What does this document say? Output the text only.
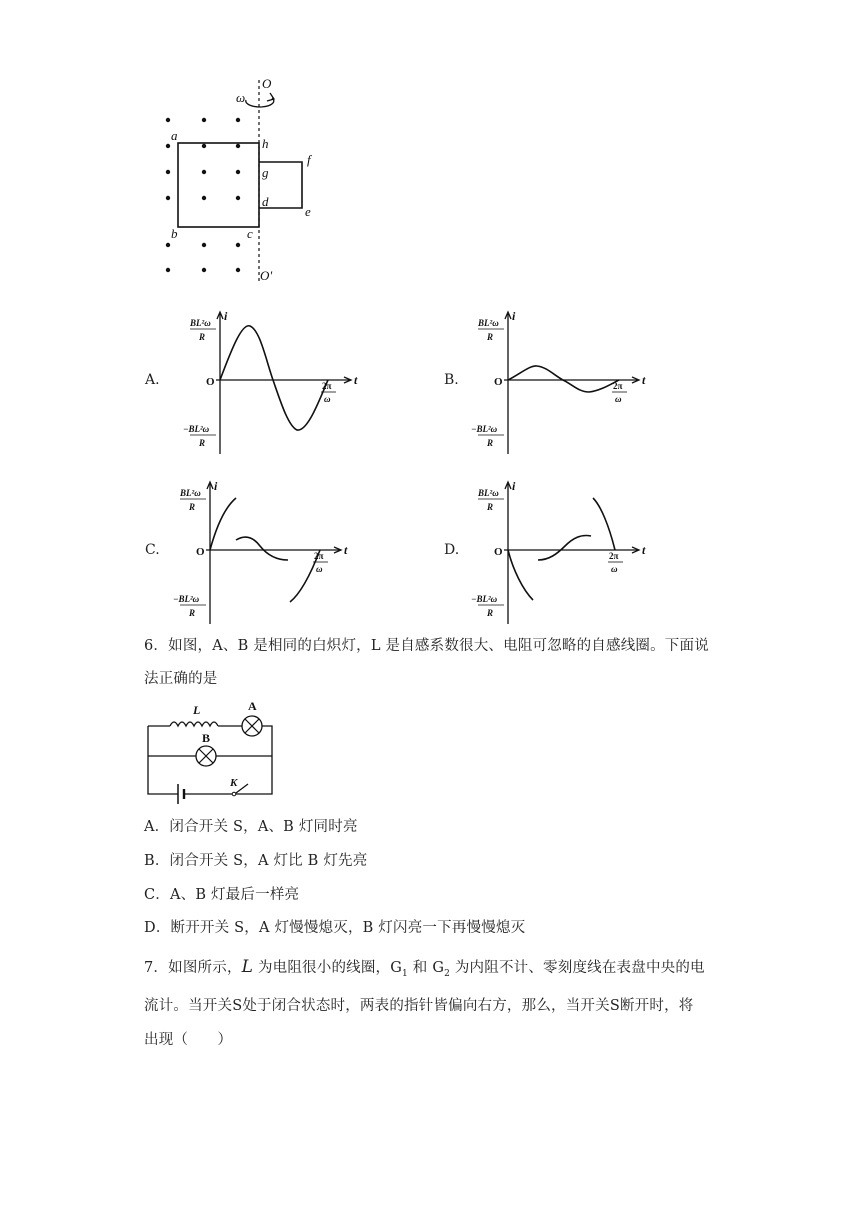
ω
O
O'
a
b	c
h
g
d
e
f
A.	B.
C.	D.
i
t
O
BL²ω
R
−BL²ω
R
2π
ω
i
t
O
BL²ω
R
−BL²ω
R
2π
ω
i
t
O
BL²ω
R
−BL²ω
R
2π
ω
i
t
O
BL²ω
R
−BL²ω
R
2π
ω
6．如图，A、B 是相同的白炽灯，L 是自感系数很大、电阻可忽略的自感线圈。下面说
法正确的是
L	A
B
K
A．闭合开关 S，A、B 灯同时亮
B．闭合开关 S，A 灯比 B 灯先亮
C．A、B 灯最后一样亮
D．断开开关 S，A 灯慢慢熄灭，B 灯闪亮一下再慢慢熄灭
7．如图所示，L 为电阻很小的线圈，$G_1$ 和 $G_2$ 为内阻不计、零刻度线在表盘中央的电
流计。当开关S处于闭合状态时，两表的指针皆偏向右方，那么，当开关S断开时，将
出现（　　）
